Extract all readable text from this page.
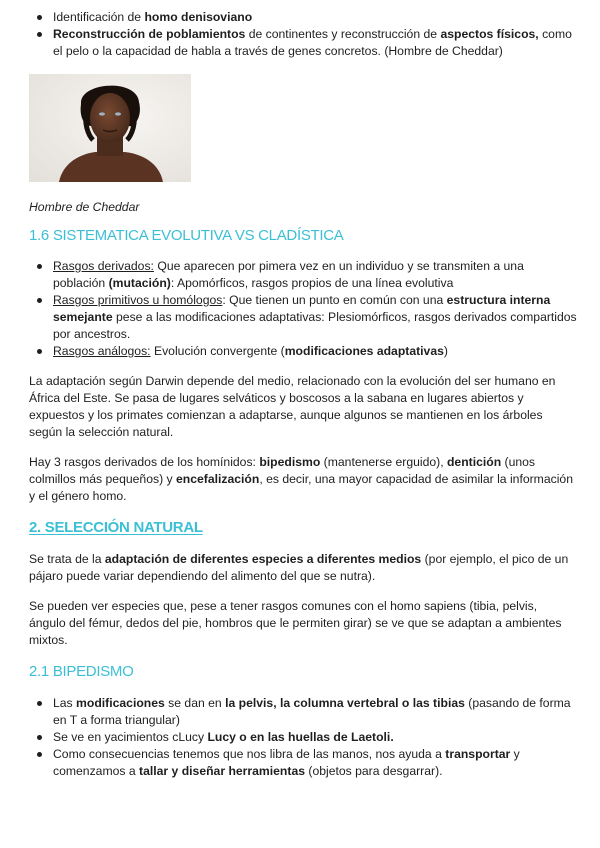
Identificación de homo denisoviano
Reconstrucción de poblamientos de continentes y reconstrucción de aspectos físicos, como el pelo o la capacidad de habla a través de genes concretos. (Hombre de Cheddar)

Hombre de Cheddar

1.6 SISTEMATICA EVOLUTIVA VS CLADÍSTICA
Rasgos derivados: Que aparecen por pimera vez en un individuo y se transmiten a una población (mutación): Apomórficos, rasgos propios de una línea evolutiva
Rasgos primitivos u homólogos: Que tienen un punto en común con una estructura interna semejante pese a las modificaciones adaptativas: Plesiomórficos, rasgos derivados compartidos por ancestros.
Rasgos análogos: Evolución convergente (modificaciones adaptativas)

La adaptación según Darwin depende del medio, relacionado con la evolución del ser humano en África del Este. Se pasa de lugares selváticos y boscosos a la sabana en lugares abiertos y expuestos y los primates comienzan a adaptarse, aunque algunos se mantienen en los árboles según la selección natural.

Hay 3 rasgos derivados de los homínidos: bipedismo (mantenerse erguido), dentición (unos colmillos más pequeños) y encefalización, es decir, una mayor capacidad de asimilar la información y el género homo.

2. SELECCIÓN NATURAL

Se trata de la adaptación de diferentes especies a diferentes medios (por ejemplo, el pico de un pájaro puede variar dependiendo del alimento del que se nutra).

Se pueden ver especies que, pese a tener rasgos comunes con el homo sapiens (tibia, pelvis, ángulo del fémur, dedos del pie, hombros que le permiten girar) se ve que se adaptan a ambientes mixtos.

2.1 BIPEDISMO
Las modificaciones se dan en la pelvis, la columna vertebral o las tibias (pasando de forma en T a forma triangular)
Se ve en yacimientos cLucy Lucy o en las huellas de Laetoli.
Como consecuencias tenemos que nos libra de las manos, nos ayuda a transportar y comenzamos a tallar y diseñar herramientas (objetos para desgarrar).
